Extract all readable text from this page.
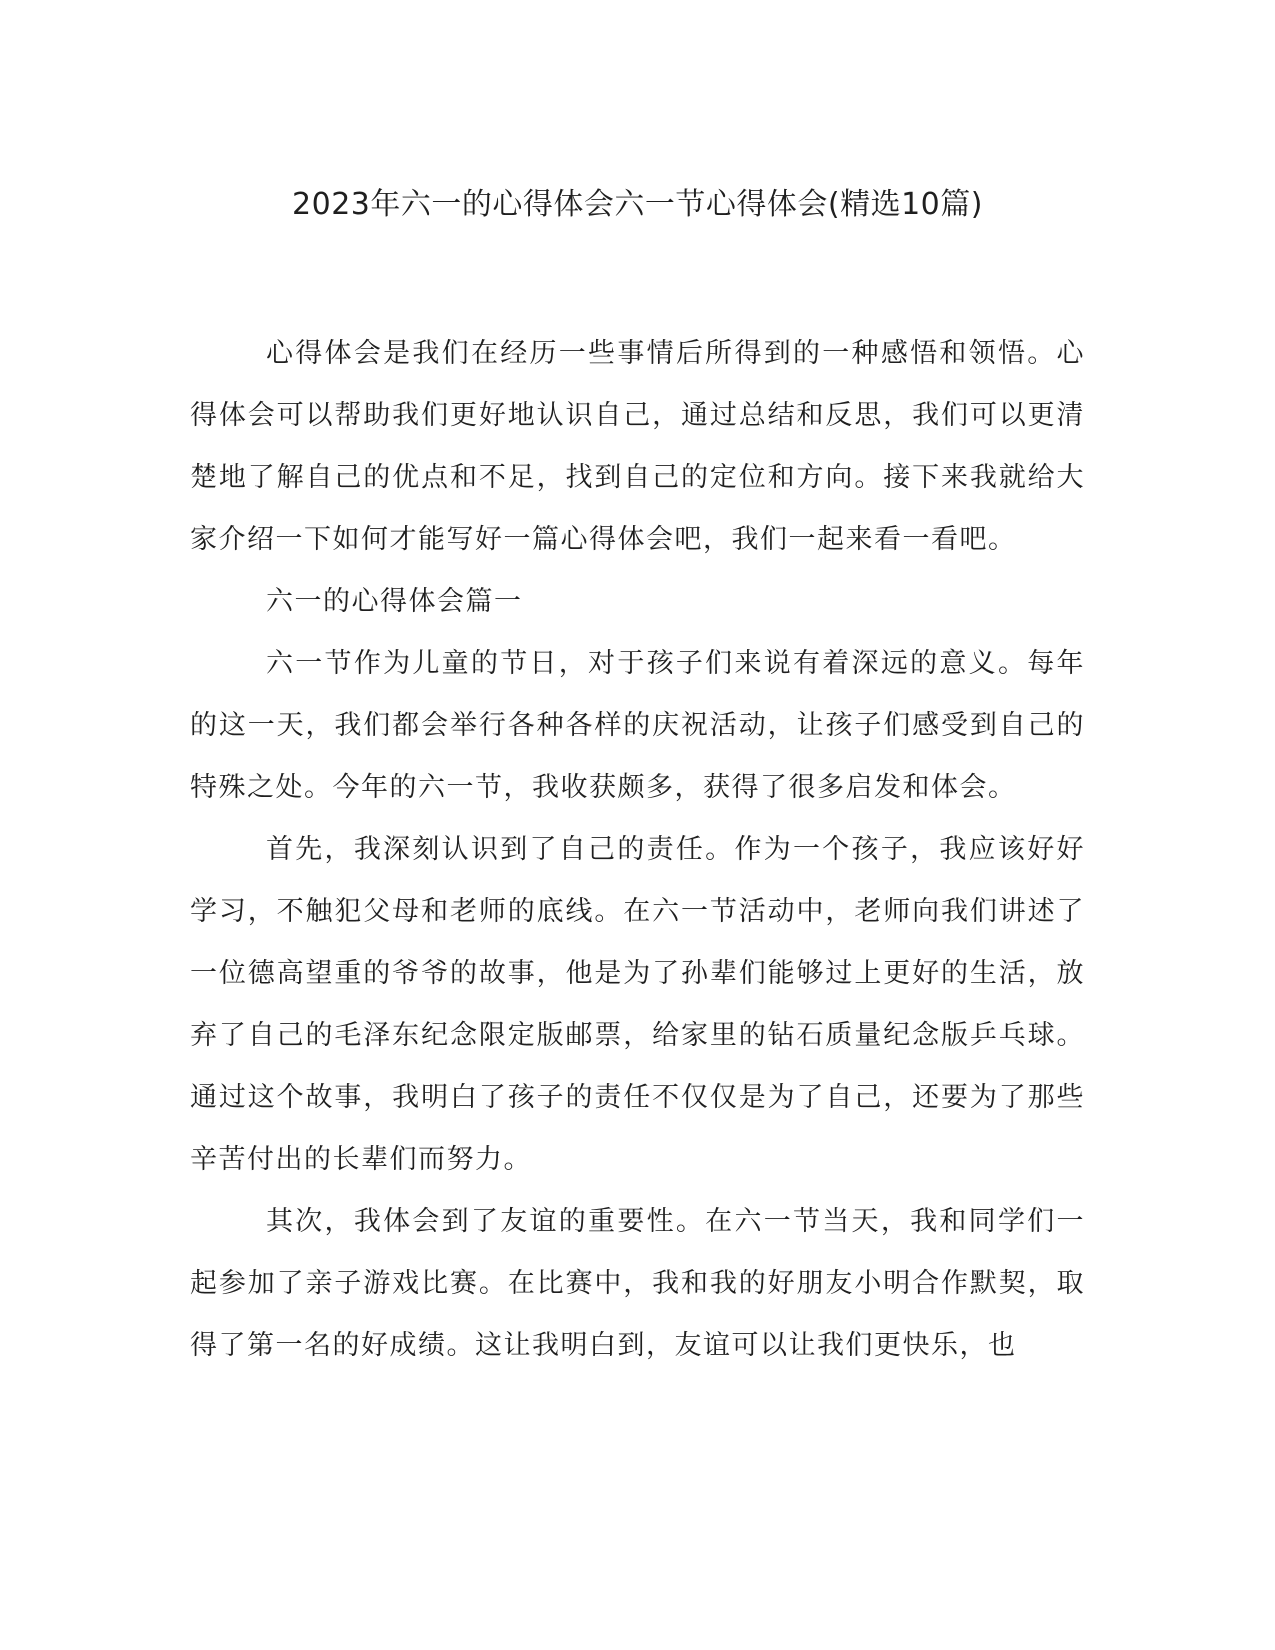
2023年六一的心得体会六一节心得体会(精选10篇)

心得体会是我们在经历一些事情后所得到的一种感悟和领悟。心得体会可以帮助我们更好地认识自己，通过总结和反思，我们可以更清楚地了解自己的优点和不足，找到自己的定位和方向。接下来我就给大家介绍一下如何才能写好一篇心得体会吧，我们一起来看一看吧。

六一的心得体会篇一

六一节作为儿童的节日，对于孩子们来说有着深远的意义。每年的这一天，我们都会举行各种各样的庆祝活动，让孩子们感受到自己的特殊之处。今年的六一节，我收获颇多，获得了很多启发和体会。

首先，我深刻认识到了自己的责任。作为一个孩子，我应该好好学习，不触犯父母和老师的底线。在六一节活动中，老师向我们讲述了一位德高望重的爷爷的故事，他是为了孙辈们能够过上更好的生活，放弃了自己的毛泽东纪念限定版邮票，给家里的钻石质量纪念版乒乓球。通过这个故事，我明白了孩子的责任不仅仅是为了自己，还要为了那些辛苦付出的长辈们而努力。

其次，我体会到了友谊的重要性。在六一节当天，我和同学们一起参加了亲子游戏比赛。在比赛中，我和我的好朋友小明合作默契，取得了第一名的好成绩。这让我明白到，友谊可以让我们更快乐，也
